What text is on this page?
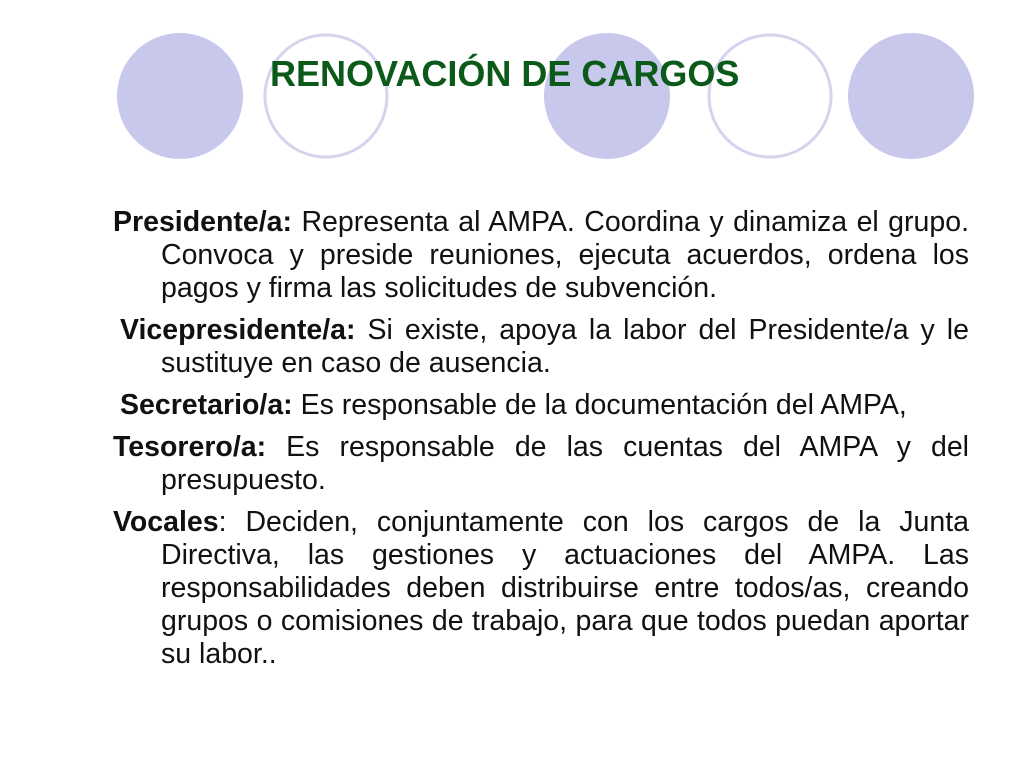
RENOVACIÓN DE CARGOS

Presidente/a: Representa al AMPA. Coordina y dinamiza el grupo. Convoca y preside reuniones, ejecuta acuerdos, ordena los pagos y firma las solicitudes de subvención.

Vicepresidente/a: Si existe, apoya la labor del Presidente/a y le sustituye en caso de ausencia.

Secretario/a: Es responsable de la documentación del AMPA,

Tesorero/a: Es responsable de las cuentas del AMPA y del presupuesto.

Vocales: Deciden, conjuntamente con los cargos de la Junta Directiva, las gestiones y actuaciones del AMPA. Las responsabilidades deben distribuirse entre todos/as, creando grupos o comisiones de trabajo, para que todos puedan aportar su labor..
